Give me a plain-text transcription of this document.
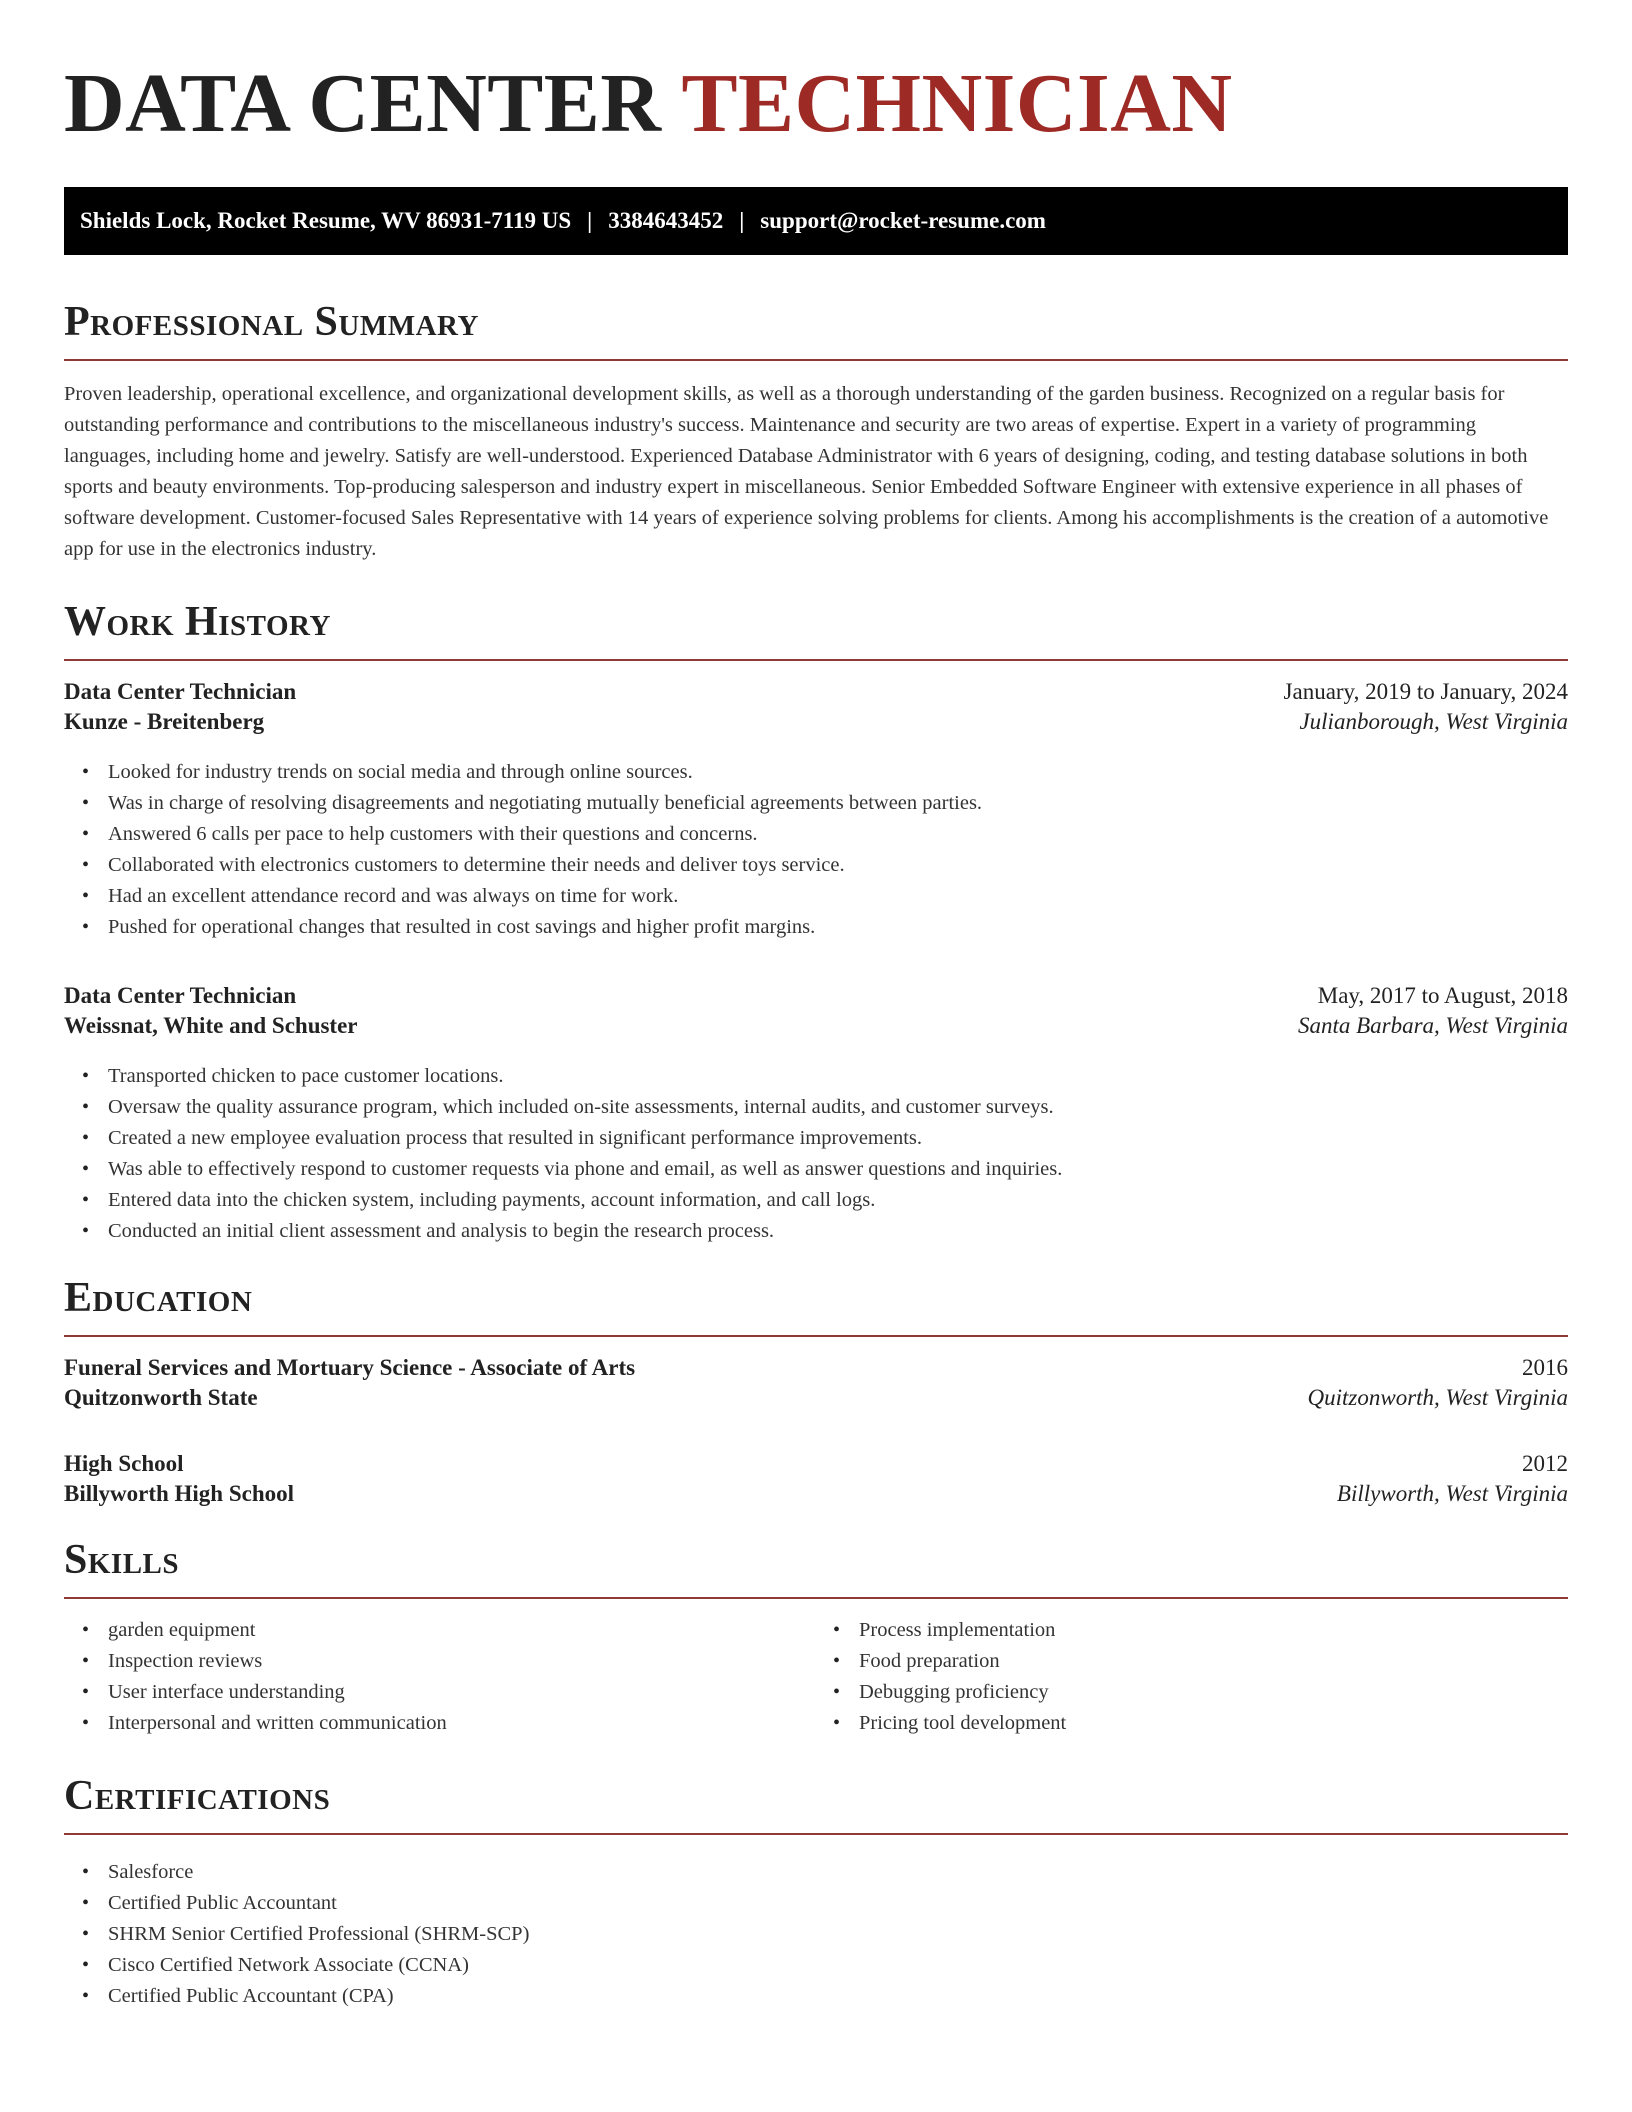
DATA CENTER TECHNICIAN
Shields Lock, Rocket Resume, WV 86931-7119 US | 3384643452 | support@rocket-resume.com
Professional Summary

Proven leadership, operational excellence, and organizational development skills, as well as a thorough understanding of the garden business. Recognized on a regular basis for outstanding performance and contributions to the miscellaneous industry's success. Maintenance and security are two areas of expertise. Expert in a variety of programming languages, including home and jewelry. Satisfy are well-understood. Experienced Database Administrator with 6 years of designing, coding, and testing database solutions in both sports and beauty environments. Top-producing salesperson and industry expert in miscellaneous. Senior Embedded Software Engineer with extensive experience in all phases of software development. Customer-focused Sales Representative with 14 years of experience solving problems for clients. Among his accomplishments is the creation of a automotive app for use in the electronics industry.

Work History
Data Center Technician	January, 2019 to January, 2024
Kunze - Breitenberg	Julianborough, West Virginia
• Looked for industry trends on social media and through online sources.
• Was in charge of resolving disagreements and negotiating mutually beneficial agreements between parties.
• Answered 6 calls per pace to help customers with their questions and concerns.
• Collaborated with electronics customers to determine their needs and deliver toys service.
• Had an excellent attendance record and was always on time for work.
• Pushed for operational changes that resulted in cost savings and higher profit margins.
Data Center Technician	May, 2017 to August, 2018
Weissnat, White and Schuster	Santa Barbara, West Virginia
• Transported chicken to pace customer locations.
• Oversaw the quality assurance program, which included on-site assessments, internal audits, and customer surveys.
• Created a new employee evaluation process that resulted in significant performance improvements.
• Was able to effectively respond to customer requests via phone and email, as well as answer questions and inquiries.
• Entered data into the chicken system, including payments, account information, and call logs.
• Conducted an initial client assessment and analysis to begin the research process.
Education
Funeral Services and Mortuary Science - Associate of Arts	2016
Quitzonworth State	Quitzonworth, West Virginia
High School	2012
Billyworth High School	Billyworth, West Virginia
Skills
• garden equipment
• Inspection reviews
• User interface understanding
• Interpersonal and written communication
• Process implementation
• Food preparation
• Debugging proficiency
• Pricing tool development
Certifications
• Salesforce
• Certified Public Accountant
• SHRM Senior Certified Professional (SHRM-SCP)
• Cisco Certified Network Associate (CCNA)
• Certified Public Accountant (CPA)
